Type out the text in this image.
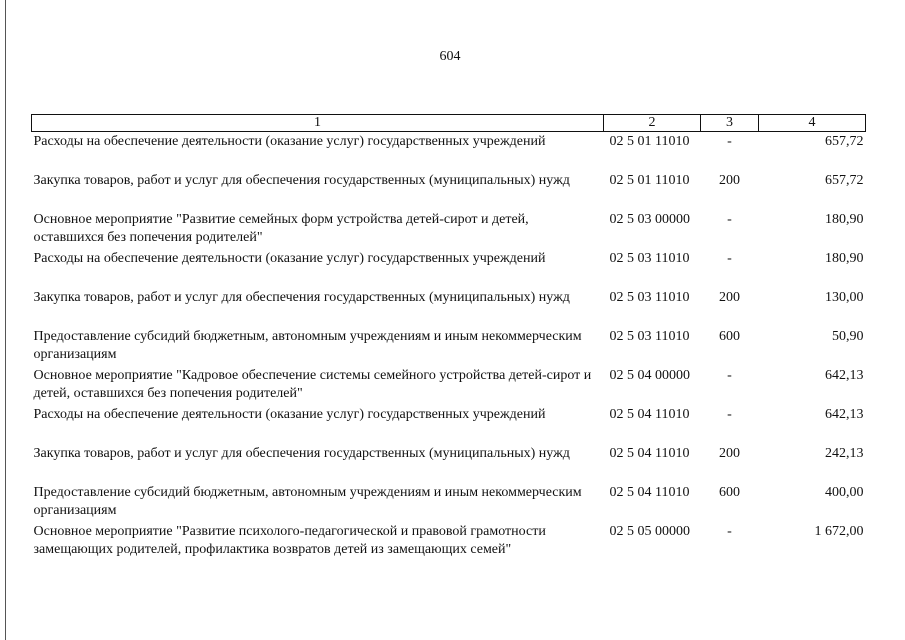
604
1	2	3	4
Расходы на обеспечение деятельности (оказание услуг) государственных учреждений	02 5 01 11010	-	657,72
Закупка товаров, работ и услуг для обеспечения государственных (муниципальных) нужд	02 5 01 11010	200	657,72
Основное мероприятие "Развитие семейных форм устройства детей-сирот и детей, оставшихся без попечения родителей"	02 5 03 00000	-	180,90
Расходы на обеспечение деятельности (оказание услуг) государственных учреждений	02 5 03 11010	-	180,90
Закупка товаров, работ и услуг для обеспечения государственных (муниципальных) нужд	02 5 03 11010	200	130,00
Предоставление субсидий бюджетным, автономным учреждениям и иным некоммерческим организациям	02 5 03 11010	600	50,90
Основное мероприятие "Кадровое обеспечение системы семейного устройства детей-сирот и детей, оставшихся без попечения родителей"	02 5 04 00000	-	642,13
Расходы на обеспечение деятельности (оказание услуг) государственных учреждений	02 5 04 11010	-	642,13
Закупка товаров, работ и услуг для обеспечения государственных (муниципальных) нужд	02 5 04 11010	200	242,13
Предоставление субсидий бюджетным, автономным учреждениям и иным некоммерческим организациям	02 5 04 11010	600	400,00
Основное мероприятие "Развитие психолого-педагогической и правовой грамотности замещающих родителей, профилактика возвратов детей из замещающих семей"	02 5 05 00000	-	1 672,00
